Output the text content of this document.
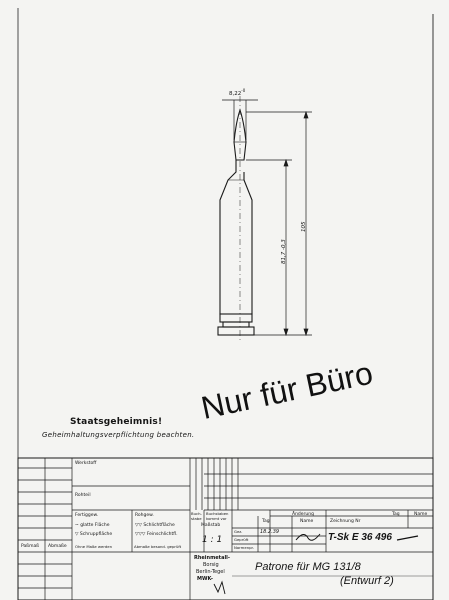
$8,22^{-0}$
81,7 -0,3
105
Staatsgeheimnis!
Geheimhaltungsverpflichtung beachten.
Nur für Büro
Werkstoff
Rohteil
Fertiggew.	Rohgew.
~ glatte Fläche
▽ Schruppfläche
▽▽ Schlichtfläche
▽▽▽ Feinschlichtfl.
Paßmaß Abmaße Ohne Maße werden	Abmaße besond. geprüft
Buch-
stabe
Buchstaben
kommt vor
Maßstab
1 : 1
Tag	Name
Gez.
Geprüft
Normenpr.
18.2.39
Änderung
Zeichnung Nr
Tag	Name
T-Sk E 36 496
Rheinmetall-
Borsig
Berlin-Tegel
MWK-
Patrone für MG 131/8
(Entwurf 2)
